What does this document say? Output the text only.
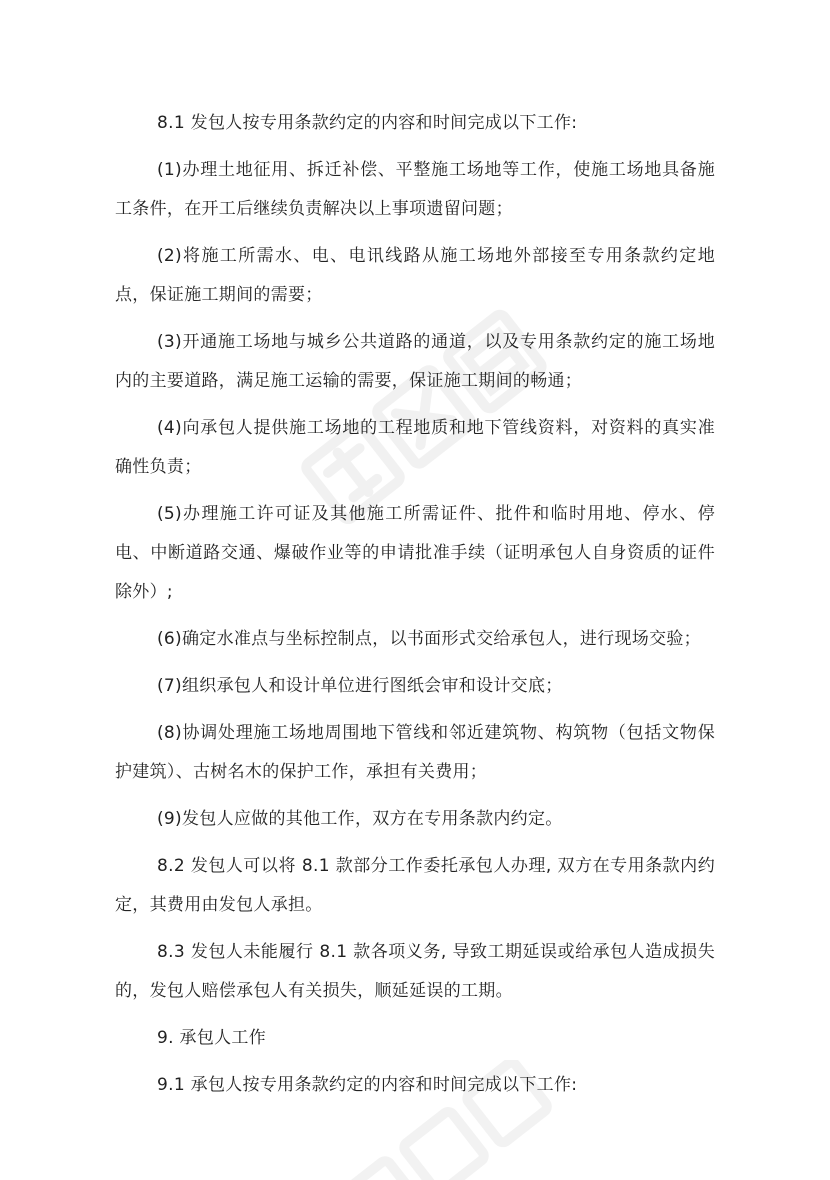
8.1 发包人按专用条款约定的内容和时间完成以下工作:

(1)办理土地征用、拆迁补偿、平整施工场地等工作，使施工场地具备施工条件，在开工后继续负责解决以上事项遗留问题；

(2)将施工所需水、电、电讯线路从施工场地外部接至专用条款约定地点，保证施工期间的需要；

(3)开通施工场地与城乡公共道路的通道，以及专用条款约定的施工场地内的主要道路，满足施工运输的需要，保证施工期间的畅通；

(4)向承包人提供施工场地的工程地质和地下管线资料，对资料的真实准确性负责；

(5)办理施工许可证及其他施工所需证件、批件和临时用地、停水、停电、中断道路交通、爆破作业等的申请批准手续（证明承包人自身资质的证件除外）;

(6)确定水准点与坐标控制点，以书面形式交给承包人，进行现场交验；

(7)组织承包人和设计单位进行图纸会审和设计交底；

(8)协调处理施工场地周围地下管线和邻近建筑物、构筑物（包括文物保护建筑）、古树名木的保护工作，承担有关费用；

(9)发包人应做的其他工作，双方在专用条款内约定。

8.2 发包人可以将 8.1 款部分工作委托承包人办理, 双方在专用条款内约定，其费用由发包人承担。

8.3 发包人未能履行 8.1 款各项义务, 导致工期延误或给承包人造成损失的，发包人赔偿承包人有关损失，顺延延误的工期。

9. 承包人工作

9.1 承包人按专用条款约定的内容和时间完成以下工作:
